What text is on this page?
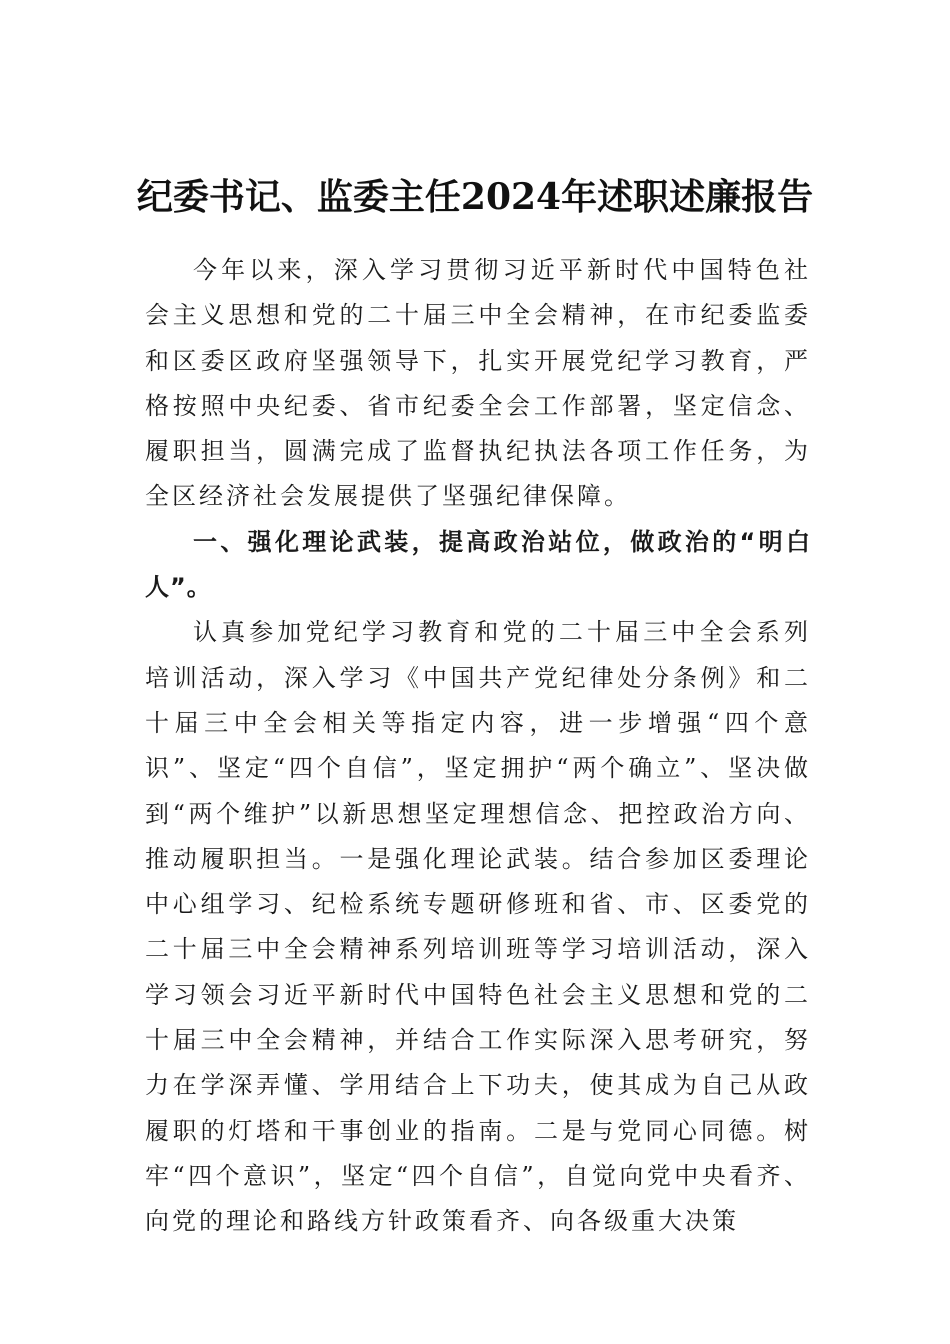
纪委书记、监委主任2024年述职述廉报告

今年以来，深入学习贯彻习近平新时代中国特色社会主义思想和党的二十届三中全会精神，在市纪委监委和区委区政府坚强领导下，扎实开展党纪学习教育，严格按照中央纪委、省市纪委全会工作部署，坚定信念、履职担当，圆满完成了监督执纪执法各项工作任务，为全区经济社会发展提供了坚强纪律保障。

一、强化理论武装，提高政治站位，做政治的“明白人”。

认真参加党纪学习教育和党的二十届三中全会系列培训活动，深入学习《中国共产党纪律处分条例》和二十届三中全会相关等指定内容，进一步增强“四个意识”、坚定“四个自信”，坚定拥护“两个确立”、坚决做到“两个维护”以新思想坚定理想信念、把控政治方向、推动履职担当。一是强化理论武装。结合参加区委理论中心组学习、纪检系统专题研修班和省、市、区委党的二十届三中全会精神系列培训班等学习培训活动，深入学习领会习近平新时代中国特色社会主义思想和党的二十届三中全会精神，并结合工作实际深入思考研究，努力在学深弄懂、学用结合上下功夫，使其成为自己从政履职的灯塔和干事创业的指南。二是与党同心同德。树牢“四个意识”，坚定“四个自信”，自觉向党中央看齐、向党的理论和路线方针政策看齐、向各级重大决策
